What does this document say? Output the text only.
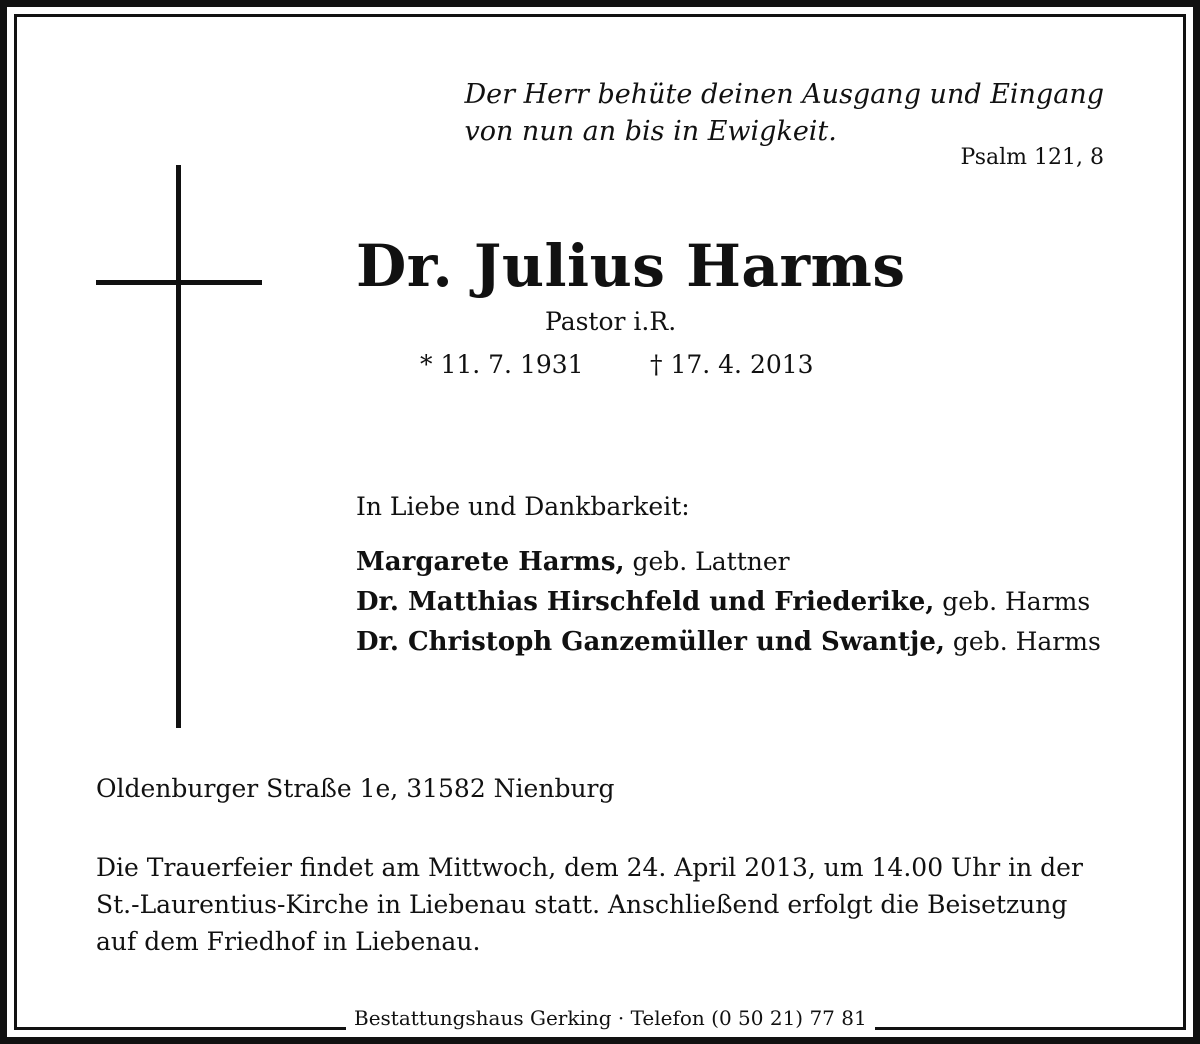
Der Herr behüte deinen Ausgang und Eingang
von nun an bis in Ewigkeit.
Psalm 121, 8
Dr. Julius Harms
Pastor i.R.
* 11. 7. 1931	† 17. 4. 2013
In Liebe und Dankbarkeit:
Margarete Harms, geb. Lattner
Dr. Matthias Hirschfeld und Friederike, geb. Harms
Dr. Christoph Ganzemüller und Swantje, geb. Harms
Oldenburger Straße 1e, 31582 Nienburg
Die Trauerfeier findet am Mittwoch, dem 24. April 2013, um 14.00 Uhr in der
St.-Laurentius-Kirche in Liebenau statt. Anschließend erfolgt die Beisetzung
auf dem Friedhof in Liebenau.
Bestattungshaus Gerking · Telefon (0 50 21) 77 81
